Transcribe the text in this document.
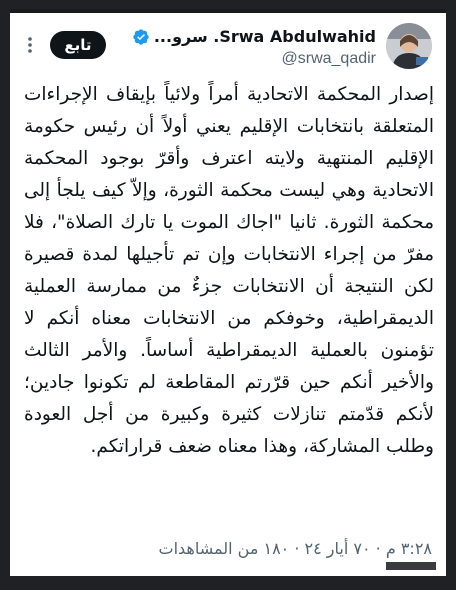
Srwa Abdulwahid. سرو...
@srwa_qadir
تابع
إصدار المحكمة الاتحادية أمراً ولائياً بإيقاف الإجراءات المتعلقة بانتخابات الإقليم يعني أولاً أن رئيس حكومة الإقليم المنتهية ولايته اعترف وأقرّ بوجود المحكمة الاتحادية وهي ليست محكمة الثورة، وإلاّ كيف يلجأ إلى محكمة الثورة. ثانيا "اجاك الموت يا تارك الصلاة"، فلا مفرّ من إجراء الانتخابات وإن تم تأجيلها لمدة قصيرة لكن النتيجة أن الانتخابات جزءٌ من ممارسة العملية الديمقراطية، وخوفكم من الانتخابات معناه أنكم لا تؤمنون بالعملية الديمقراطية أساساً. والأمر الثالث والأخير أنكم حين قرّرتم المقاطعة لم تكونوا جادين؛ لأنكم قدّمتم تنازلات كثيرة وكبيرة من أجل العودة وطلب المشاركة، وهذا معناه ضعف قراراتكم.
٣:٢٨ م · ٧٠ أيار ٢٤ · ١٨٠ من المشاهدات
